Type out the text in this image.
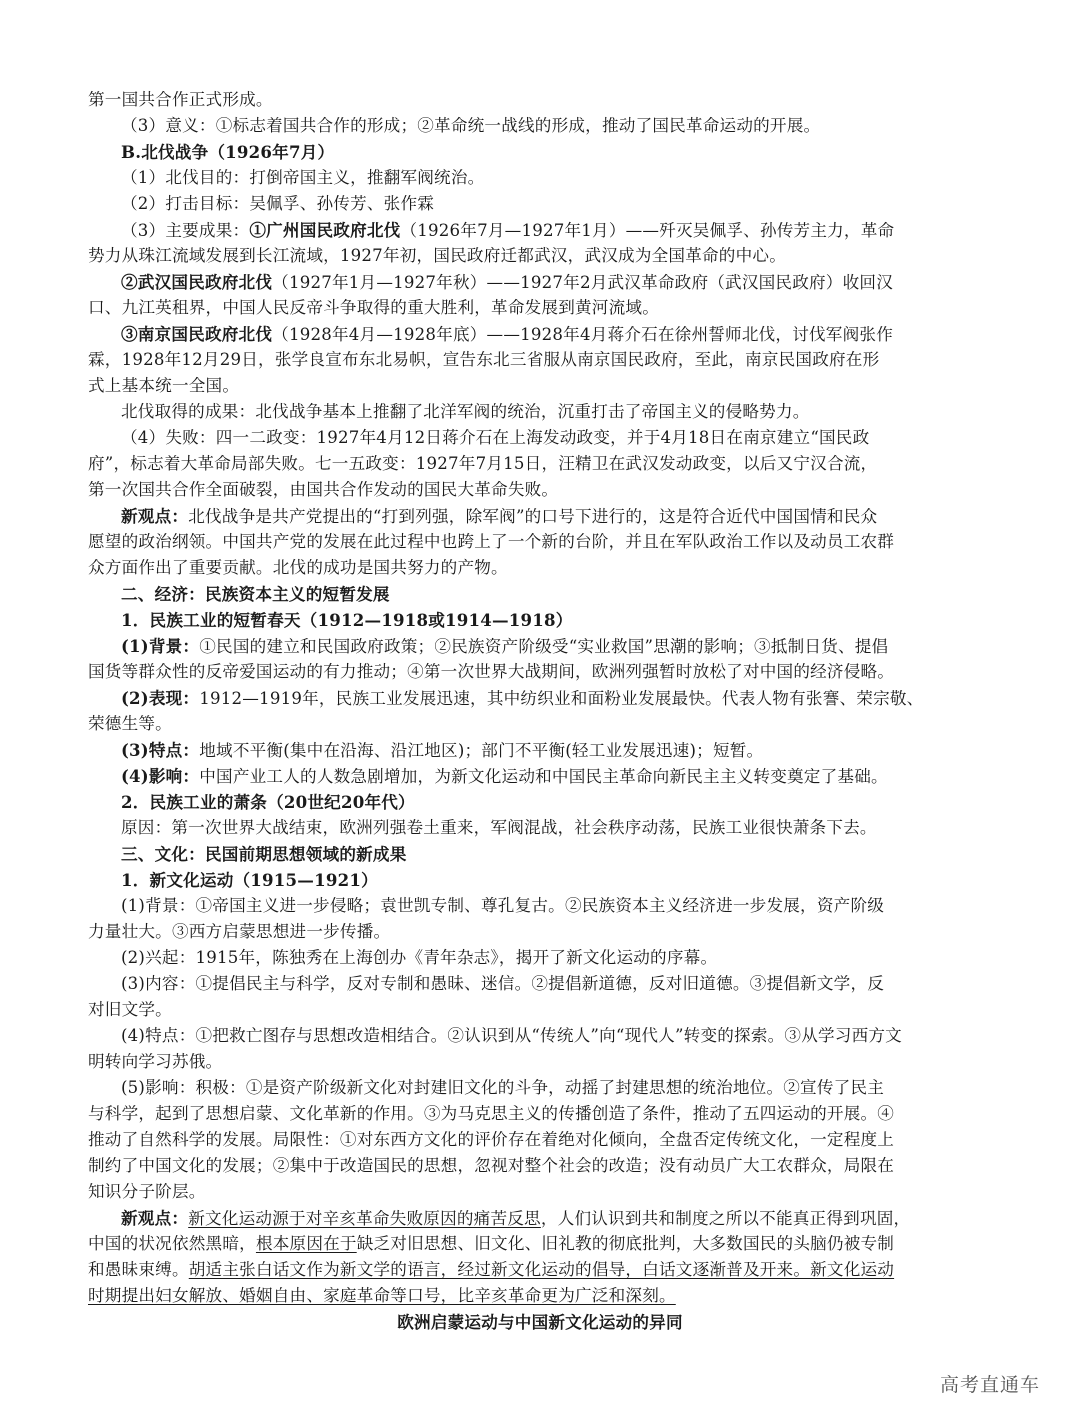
第一国共合作正式形成。
（3）意义：①标志着国共合作的形成；②革命统一战线的形成，推动了国民革命运动的开展。
B.北伐战争（1926年7月）
（1）北伐目的：打倒帝国主义，推翻军阀统治。
（2）打击目标：吴佩孚、孙传芳、张作霖
（3）主要成果：①广州国民政府北伐（1926年7月—1927年1月）——歼灭吴佩孚、孙传芳主力，革命
势力从珠江流域发展到长江流域，1927年初，国民政府迁都武汉，武汉成为全国革命的中心。
②武汉国民政府北伐（1927年1月—1927年秋）——1927年2月武汉革命政府（武汉国民政府）收回汉
口、九江英租界，中国人民反帝斗争取得的重大胜利，革命发展到黄河流域。
③南京国民政府北伐（1928年4月—1928年底）——1928年4月蒋介石在徐州誓师北伐，讨伐军阀张作
霖，1928年12月29日，张学良宣布东北易帜，宣告东北三省服从南京国民政府，至此，南京民国政府在形
式上基本统一全国。
北伐取得的成果：北伐战争基本上推翻了北洋军阀的统治，沉重打击了帝国主义的侵略势力。
（4）失败：四一二政变：1927年4月12日蒋介石在上海发动政变，并于4月18日在南京建立“国民政
府”，标志着大革命局部失败。七一五政变：1927年7月15日，汪精卫在武汉发动政变，以后又宁汉合流，
第一次国共合作全面破裂，由国共合作发动的国民大革命失败。
新观点：北伐战争是共产党提出的“打到列强，除军阀”的口号下进行的，这是符合近代中国国情和民众
愿望的政治纲领。中国共产党的发展在此过程中也跨上了一个新的台阶，并且在军队政治工作以及动员工农群
众方面作出了重要贡献。北伐的成功是国共努力的产物。
二、经济：民族资本主义的短暂发展
1．民族工业的短暂春天（1912—1918或1914—1918）
(1)背景：①民国的建立和民国政府政策；②民族资产阶级受“实业救国”思潮的影响；③抵制日货、提倡
国货等群众性的反帝爱国运动的有力推动；④第一次世界大战期间，欧洲列强暂时放松了对中国的经济侵略。
(2)表现：1912—1919年，民族工业发展迅速，其中纺织业和面粉业发展最快。代表人物有张謇、荣宗敬、
荣德生等。
(3)特点：地域不平衡(集中在沿海、沿江地区)；部门不平衡(轻工业发展迅速)；短暂。
(4)影响：中国产业工人的人数急剧增加，为新文化运动和中国民主革命向新民主主义转变奠定了基础。
2．民族工业的萧条（20世纪20年代）
原因：第一次世界大战结束，欧洲列强卷土重来，军阀混战，社会秩序动荡，民族工业很快萧条下去。
三、文化：民国前期思想领域的新成果
1．新文化运动（1915—1921）
(1)背景：①帝国主义进一步侵略；袁世凯专制、尊孔复古。②民族资本主义经济进一步发展，资产阶级
力量壮大。③西方启蒙思想进一步传播。
(2)兴起：1915年，陈独秀在上海创办《青年杂志》，揭开了新文化运动的序幕。
(3)内容：①提倡民主与科学，反对专制和愚昧、迷信。②提倡新道德，反对旧道德。③提倡新文学，反
对旧文学。
(4)特点：①把救亡图存与思想改造相结合。②认识到从“传统人”向“现代人”转变的探索。③从学习西方文
明转向学习苏俄。
(5)影响：积极：①是资产阶级新文化对封建旧文化的斗争，动摇了封建思想的统治地位。②宣传了民主
与科学，起到了思想启蒙、文化革新的作用。③为马克思主义的传播创造了条件，推动了五四运动的开展。④
推动了自然科学的发展。局限性：①对东西方文化的评价存在着绝对化倾向，全盘否定传统文化，一定程度上
制约了中国文化的发展；②集中于改造国民的思想，忽视对整个社会的改造；没有动员广大工农群众，局限在
知识分子阶层。
新观点：新文化运动源于对辛亥革命失败原因的痛苦反思，人们认识到共和制度之所以不能真正得到巩固，
中国的状况依然黑暗，根本原因在于缺乏对旧思想、旧文化、旧礼教的彻底批判，大多数国民的头脑仍被专制
和愚昧束缚。胡适主张白话文作为新文学的语言，经过新文化运动的倡导，白话文逐渐普及开来。新文化运动
时期提出妇女解放、婚姻自由、家庭革命等口号，比辛亥革命更为广泛和深刻。
欧洲启蒙运动与中国新文化运动的异同
高考直通车
